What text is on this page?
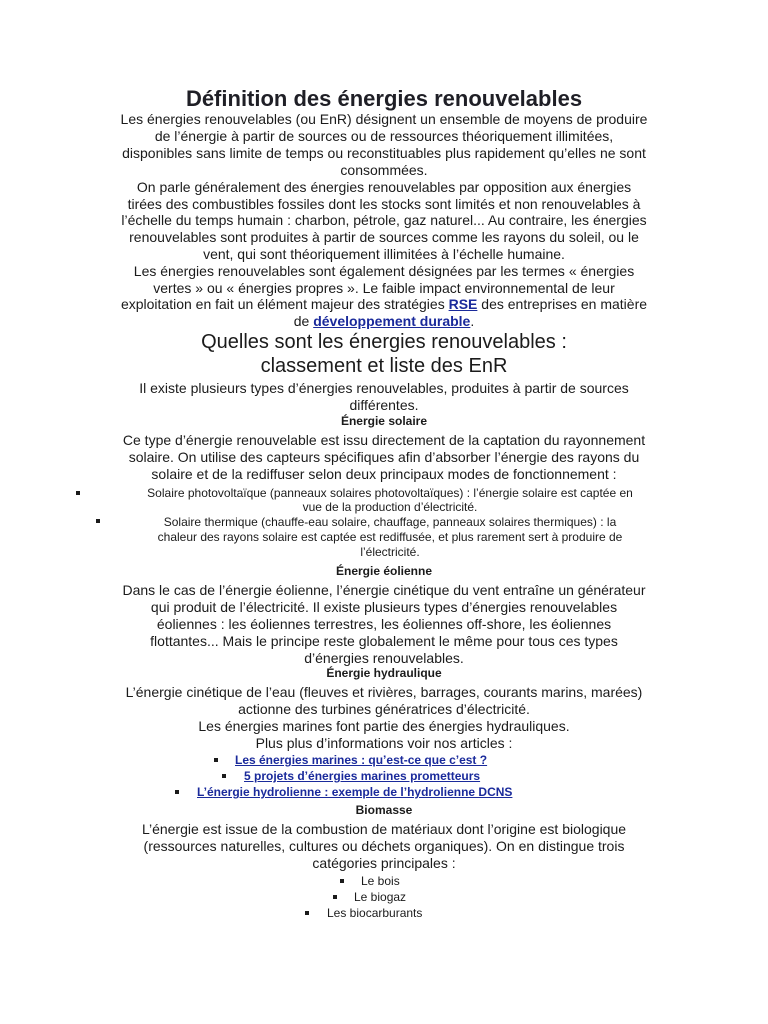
Définition des énergies renouvelables

Les énergies renouvelables (ou EnR) désignent un ensemble de moyens de produire

de l’énergie à partir de sources ou de ressources théoriquement illimitées,

disponibles sans limite de temps ou reconstituables plus rapidement qu’elles ne sont

consommées.

On parle généralement des énergies renouvelables par opposition aux énergies

tirées des combustibles fossiles dont les stocks sont limités et non renouvelables à

l’échelle du temps humain : charbon, pétrole, gaz naturel... Au contraire, les énergies

renouvelables sont produites à partir de sources comme les rayons du soleil, ou le

vent, qui sont théoriquement illimitées à l’échelle humaine.

Les énergies renouvelables sont également désignées par les termes « énergies

vertes » ou « énergies propres ». Le faible impact environnemental de leur

exploitation en fait un élément majeur des stratégies RSE des entreprises en matière

de développement durable.

Quelles sont les énergies renouvelables :
classement et liste des EnR

Il existe plusieurs types d’énergies renouvelables, produites à partir de sources

différentes.

Énergie solaire

Ce type d’énergie renouvelable est issu directement de la captation du rayonnement

solaire. On utilise des capteurs spécifiques afin d’absorber l’énergie des rayons du

solaire et de la rediffuser selon deux principaux modes de fonctionnement :

Solaire photovoltaïque (panneaux solaires photovoltaïques) : l’énergie solaire est captée en

vue de la production d’électricité.

Solaire thermique (chauffe-eau solaire, chauffage, panneaux solaires thermiques) : la

chaleur des rayons solaire est captée est rediffusée, et plus rarement sert à produire de

l’électricité.

Énergie éolienne

Dans le cas de l’énergie éolienne, l’énergie cinétique du vent entraîne un générateur

qui produit de l’électricité. Il existe plusieurs types d’énergies renouvelables

éoliennes : les éoliennes terrestres, les éoliennes off-shore, les éoliennes

flottantes... Mais le principe reste globalement le même pour tous ces types

d’énergies renouvelables.

Énergie hydraulique

L’énergie cinétique de l’eau (fleuves et rivières, barrages, courants marins, marées)

actionne des turbines génératrices d’électricité.

Les énergies marines font partie des énergies hydrauliques.

Plus plus d’informations voir nos articles :

Les énergies marines : qu’est-ce que c’est ?

5 projets d’énergies marines prometteurs

L’énergie hydrolienne : exemple de l’hydrolienne DCNS

Biomasse

L’énergie est issue de la combustion de matériaux dont l’origine est biologique

(ressources naturelles, cultures ou déchets organiques). On en distingue trois

catégories principales :

Le bois

Le biogaz

Les biocarburants
